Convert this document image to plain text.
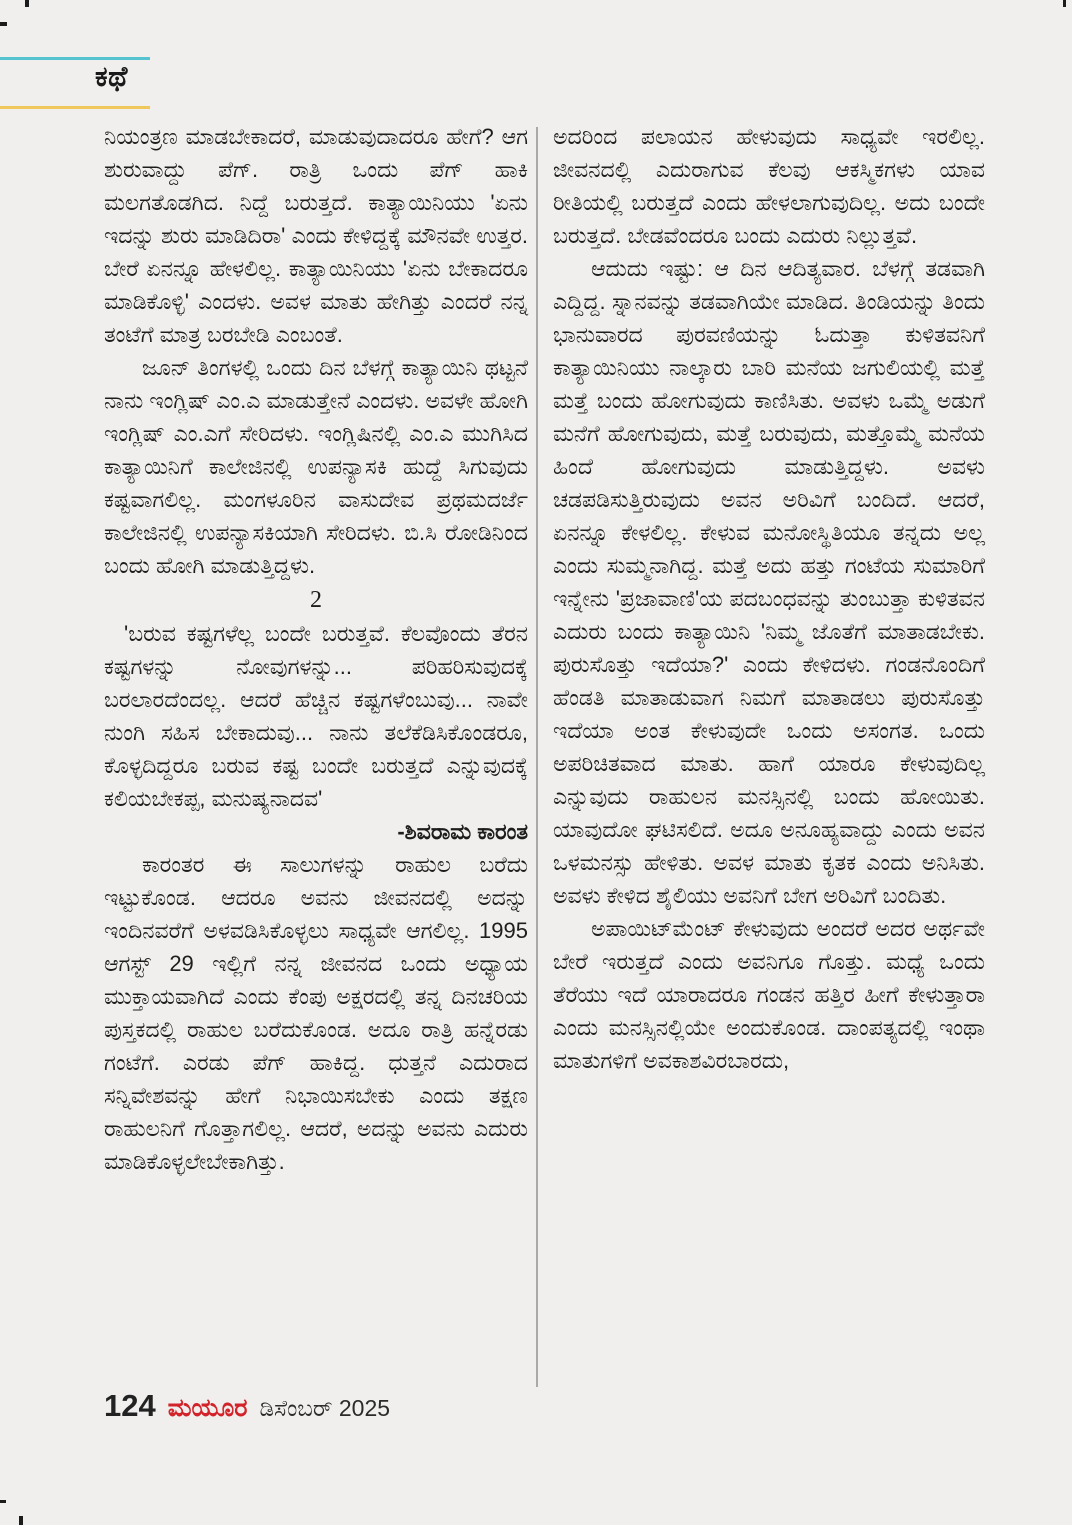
ಕಥೆ

ನಿಯಂತ್ರಣ ಮಾಡಬೇಕಾದರೆ, ಮಾಡುವುದಾದರೂ ಹೇಗೆ? ಆಗ ಶುರುವಾದ್ದು ಪೆಗ್. ರಾತ್ರಿ ಒಂದು ಪೆಗ್ ಹಾಕಿ ಮಲಗತೊಡಗಿದ. ನಿದ್ದೆ ಬರುತ್ತದೆ. ಕಾತ್ಯಾಯಿನಿಯು 'ಏನು ಇದನ್ನು ಶುರು ಮಾಡಿದಿರಾ' ಎಂದು ಕೇಳಿದ್ದಕ್ಕೆ ಮೌನವೇ ಉತ್ತರ. ಬೇರೆ ಏನನ್ನೂ ಹೇಳಲಿಲ್ಲ. ಕಾತ್ಯಾಯಿನಿಯು 'ಏನು ಬೇಕಾದರೂ ಮಾಡಿಕೊಳ್ಳಿ' ಎಂದಳು. ಅವಳ ಮಾತು ಹೇಗಿತ್ತು ಎಂದರೆ ನನ್ನ ತಂಟೆಗೆ ಮಾತ್ರ ಬರಬೇಡಿ ಎಂಬಂತೆ.

ಜೂನ್ ತಿಂಗಳಲ್ಲಿ ಒಂದು ದಿನ ಬೆಳಗ್ಗೆ ಕಾತ್ಯಾಯಿನಿ ಥಟ್ಟನೆ ನಾನು ಇಂಗ್ಲಿಷ್ ಎಂ.ಎ ಮಾಡುತ್ತೇನೆ ಎಂದಳು. ಅವಳೇ ಹೋಗಿ ಇಂಗ್ಲಿಷ್ ಎಂ.ಎಗೆ ಸೇರಿದಳು. ಇಂಗ್ಲಿಷಿನಲ್ಲಿ ಎಂ.ಎ ಮುಗಿಸಿದ ಕಾತ್ಯಾಯಿನಿಗೆ ಕಾಲೇಜಿನಲ್ಲಿ ಉಪನ್ಯಾಸಕಿ ಹುದ್ದೆ ಸಿಗುವುದು ಕಷ್ಟವಾಗಲಿಲ್ಲ. ಮಂಗಳೂರಿನ ವಾಸುದೇವ ಪ್ರಥಮದರ್ಜೆ ಕಾಲೇಜಿನಲ್ಲಿ ಉಪನ್ಯಾಸಕಿಯಾಗಿ ಸೇರಿದಳು. ಬಿ.ಸಿ ರೋಡಿನಿಂದ ಬಂದು ಹೋಗಿ ಮಾಡುತ್ತಿದ್ದಳು.

2

'ಬರುವ ಕಷ್ಟಗಳೆಲ್ಲ ಬಂದೇ ಬರುತ್ತವೆ. ಕೆಲವೊಂದು ತೆರನ ಕಷ್ಟಗಳನ್ನು ನೋವುಗಳನ್ನು... ಪರಿಹರಿಸುವುದಕ್ಕೆ ಬರಲಾರದೆಂದಲ್ಲ. ಆದರೆ ಹೆಚ್ಚಿನ ಕಷ್ಟಗಳೆಂಬುವು... ನಾವೇ ನುಂಗಿ ಸಹಿಸ ಬೇಕಾದುವು... ನಾನು ತಲೆಕೆಡಿಸಿಕೊಂಡರೂ, ಕೊಳ್ಳದಿದ್ದರೂ ಬರುವ ಕಷ್ಟ ಬಂದೇ ಬರುತ್ತದೆ ಎನ್ನುವುದಕ್ಕೆ ಕಲಿಯಬೇಕಪ್ಪ, ಮನುಷ್ಯನಾದವ'

-ಶಿವರಾಮ ಕಾರಂತ

ಕಾರಂತರ ಈ ಸಾಲುಗಳನ್ನು ರಾಹುಲ ಬರೆದು ಇಟ್ಟುಕೊಂಡ. ಆದರೂ ಅವನು ಜೀವನದಲ್ಲಿ ಅದನ್ನು ಇಂದಿನವರೆಗೆ ಅಳವಡಿಸಿಕೊಳ್ಳಲು ಸಾಧ್ಯವೇ ಆಗಲಿಲ್ಲ. 1995 ಆಗಸ್ಟ್ 29 ಇಲ್ಲಿಗೆ ನನ್ನ ಜೀವನದ ಒಂದು ಅಧ್ಯಾಯ ಮುಕ್ತಾಯವಾಗಿದೆ ಎಂದು ಕೆಂಪು ಅಕ್ಷರದಲ್ಲಿ ತನ್ನ ದಿನಚರಿಯ ಪುಸ್ತಕದಲ್ಲಿ ರಾಹುಲ ಬರೆದುಕೊಂಡ. ಅದೂ ರಾತ್ರಿ ಹನ್ನೆರಡು ಗಂಟೆಗೆ. ಎರಡು ಪೆಗ್ ಹಾಕಿದ್ದ. ಧುತ್ತನೆ ಎದುರಾದ ಸನ್ನಿವೇಶವನ್ನು ಹೇಗೆ ನಿಭಾಯಿಸಬೇಕು ಎಂದು ತಕ್ಷಣ ರಾಹುಲನಿಗೆ ಗೊತ್ತಾಗಲಿಲ್ಲ. ಆದರೆ, ಅದನ್ನು ಅವನು ಎದುರು ಮಾಡಿಕೊಳ್ಳಲೇಬೇಕಾಗಿತ್ತು.

ಅದರಿಂದ ಪಲಾಯನ ಹೇಳುವುದು ಸಾಧ್ಯವೇ ಇರಲಿಲ್ಲ. ಜೀವನದಲ್ಲಿ ಎದುರಾಗುವ ಕೆಲವು ಆಕಸ್ಮಿಕಗಳು ಯಾವ ರೀತಿಯಲ್ಲಿ ಬರುತ್ತದೆ ಎಂದು ಹೇಳಲಾಗುವುದಿಲ್ಲ. ಅದು ಬಂದೇ ಬರುತ್ತದೆ. ಬೇಡವೆಂದರೂ ಬಂದು ಎದುರು ನಿಲ್ಲುತ್ತವೆ.

ಆದುದು ಇಷ್ಟು: ಆ ದಿನ ಆದಿತ್ಯವಾರ. ಬೆಳಗ್ಗೆ ತಡವಾಗಿ ಎದ್ದಿದ್ದ. ಸ್ನಾನವನ್ನು ತಡವಾಗಿಯೇ ಮಾಡಿದ. ತಿಂಡಿಯನ್ನು ತಿಂದು ಭಾನುವಾರದ ಪುರವಣಿಯನ್ನು ಓದುತ್ತಾ ಕುಳಿತವನಿಗೆ ಕಾತ್ಯಾಯಿನಿಯು ನಾಲ್ಕಾರು ಬಾರಿ ಮನೆಯ ಜಗುಲಿಯಲ್ಲಿ ಮತ್ತೆ ಮತ್ತೆ ಬಂದು ಹೋಗುವುದು ಕಾಣಿಸಿತು. ಅವಳು ಒಮ್ಮೆ ಅಡುಗೆ ಮನೆಗೆ ಹೋಗುವುದು, ಮತ್ತೆ ಬರುವುದು, ಮತ್ತೊಮ್ಮೆ ಮನೆಯ ಹಿಂದೆ ಹೋಗುವುದು ಮಾಡುತ್ತಿದ್ದಳು. ಅವಳು ಚಡಪಡಿಸುತ್ತಿರುವುದು ಅವನ ಅರಿವಿಗೆ ಬಂದಿದೆ. ಆದರೆ, ಏನನ್ನೂ ಕೇಳಲಿಲ್ಲ. ಕೇಳುವ ಮನೋಸ್ಥಿತಿಯೂ ತನ್ನದು ಅಲ್ಲ ಎಂದು ಸುಮ್ಮನಾಗಿದ್ದ. ಮತ್ತೆ ಅದು ಹತ್ತು ಗಂಟೆಯ ಸುಮಾರಿಗೆ ಇನ್ನೇನು 'ಪ್ರಜಾವಾಣಿ'ಯ ಪದಬಂಧವನ್ನು ತುಂಬುತ್ತಾ ಕುಳಿತವನ ಎದುರು ಬಂದು ಕಾತ್ಯಾಯಿನಿ 'ನಿಮ್ಮ ಜೊತೆಗೆ ಮಾತಾಡಬೇಕು. ಪುರುಸೊತ್ತು ಇದೆಯಾ?' ಎಂದು ಕೇಳಿದಳು. ಗಂಡನೊಂದಿಗೆ ಹೆಂಡತಿ ಮಾತಾಡುವಾಗ ನಿಮಗೆ ಮಾತಾಡಲು ಪುರುಸೊತ್ತು ಇದೆಯಾ ಅಂತ ಕೇಳುವುದೇ ಒಂದು ಅಸಂಗತ. ಒಂದು ಅಪರಿಚಿತವಾದ ಮಾತು. ಹಾಗೆ ಯಾರೂ ಕೇಳುವುದಿಲ್ಲ ಎನ್ನುವುದು ರಾಹುಲನ ಮನಸ್ಸಿನಲ್ಲಿ ಬಂದು ಹೋಯಿತು. ಯಾವುದೋ ಘಟಿಸಲಿದೆ. ಅದೂ ಅನೂಹ್ಯವಾದ್ದು ಎಂದು ಅವನ ಒಳಮನಸ್ಸು ಹೇಳಿತು. ಅವಳ ಮಾತು ಕೃತಕ ಎಂದು ಅನಿಸಿತು. ಅವಳು ಕೇಳಿದ ಶೈಲಿಯು ಅವನಿಗೆ ಬೇಗ ಅರಿವಿಗೆ ಬಂದಿತು.

ಅಪಾಯಿಟ್‌ಮೆಂಟ್ ಕೇಳುವುದು ಅಂದರೆ ಅದರ ಅರ್ಥವೇ ಬೇರೆ ಇರುತ್ತದೆ ಎಂದು ಅವನಿಗೂ ಗೊತ್ತು. ಮಧ್ಯೆ ಒಂದು ತೆರೆಯು ಇದೆ ಯಾರಾದರೂ ಗಂಡನ ಹತ್ತಿರ ಹೀಗೆ ಕೇಳುತ್ತಾರಾ ಎಂದು ಮನಸ್ಸಿನಲ್ಲಿಯೇ ಅಂದುಕೊಂಡ. ದಾಂಪತ್ಯದಲ್ಲಿ ಇಂಥಾ ಮಾತುಗಳಿಗೆ ಅವಕಾಶವಿರಬಾರದು,

124 ಮಯೂರ ಡಿಸೆಂಬರ್ 2025
